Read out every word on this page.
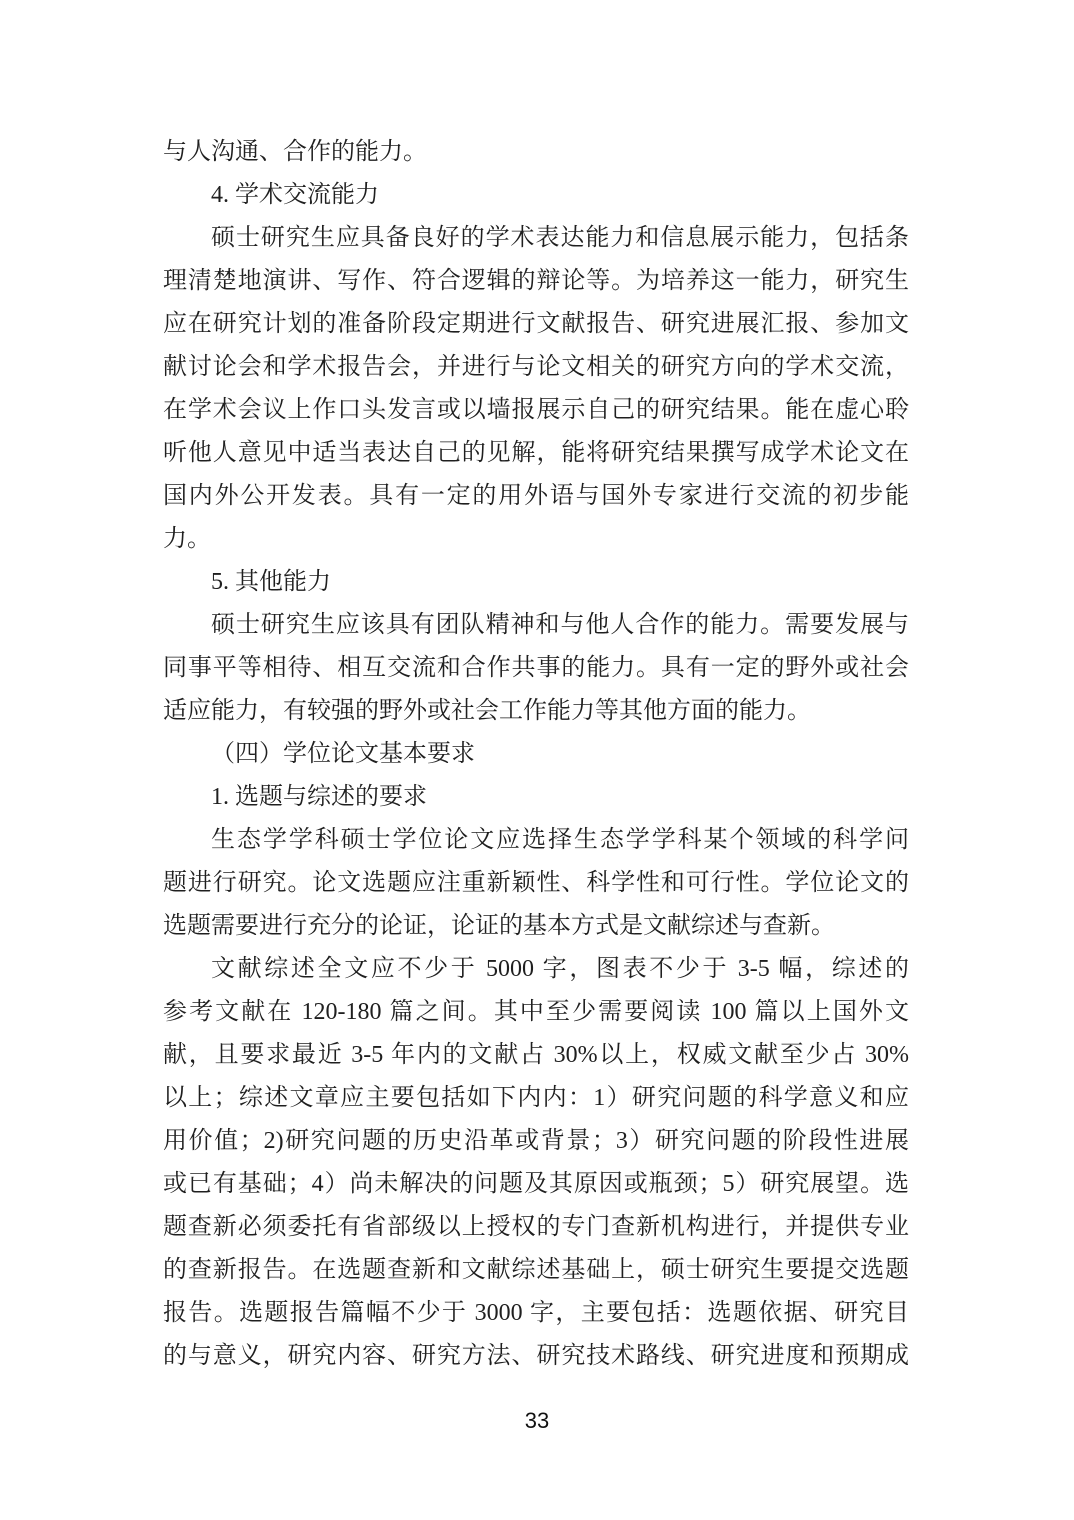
与人沟通、合作的能力。
4. 学术交流能力
硕士研究生应具备良好的学术表达能力和信息展示能力，包括条
理清楚地演讲、写作、符合逻辑的辩论等。为培养这一能力，研究生
应在研究计划的准备阶段定期进行文献报告、研究进展汇报、参加文
献讨论会和学术报告会，并进行与论文相关的研究方向的学术交流，
在学术会议上作口头发言或以墙报展示自己的研究结果。能在虚心聆
听他人意见中适当表达自己的见解，能将研究结果撰写成学术论文在
国内外公开发表。具有一定的用外语与国外专家进行交流的初步能
力。
5. 其他能力
硕士研究生应该具有团队精神和与他人合作的能力。需要发展与
同事平等相待、相互交流和合作共事的能力。具有一定的野外或社会
适应能力，有较强的野外或社会工作能力等其他方面的能力。
（四）学位论文基本要求
1. 选题与综述的要求
生态学学科硕士学位论文应选择生态学学科某个领域的科学问
题进行研究。论文选题应注重新颖性、科学性和可行性。学位论文的
选题需要进行充分的论证，论证的基本方式是文献综述与查新。
文献综述全文应不少于 5000 字，图表不少于 3-5 幅，综述的
参考文献在 120-180 篇之间。其中至少需要阅读 100 篇以上国外文
献，且要求最近 3-5 年内的文献占 30%以上，权威文献至少占 30%
以上；综述文章应主要包括如下内内：1）研究问题的科学意义和应
用价值；2)研究问题的历史沿革或背景；3）研究问题的阶段性进展
或已有基础；4）尚未解决的问题及其原因或瓶颈；5）研究展望。选
题查新必须委托有省部级以上授权的专门查新机构进行，并提供专业
的查新报告。在选题查新和文献综述基础上，硕士研究生要提交选题
报告。选题报告篇幅不少于 3000 字，主要包括：选题依据、研究目
的与意义，研究内容、研究方法、研究技术路线、研究进度和预期成
33
